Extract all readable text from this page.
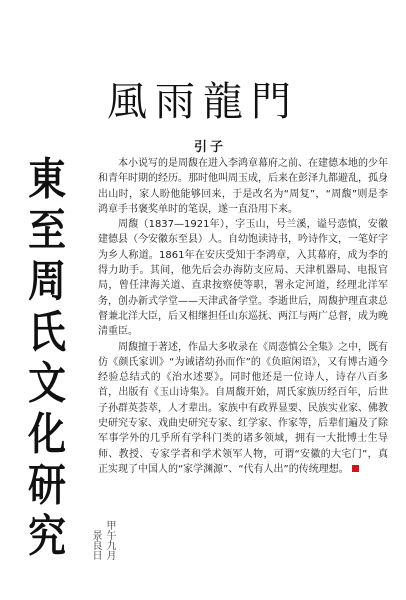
風雨龍門
引子
東
至
周
氏
文
化
研
究	甲午九月
景良日

本小说写的是周馥在进入李鸿章幕府之前、在建德本地的少年和青年时期的经历。那时他叫周玉成，后来在彭泽九都避乱，孤身出山时，家人盼他能够回来，于是改名为“周复”，“周馥”则是李鸿章手书褒奖单时的笔误，遂一直沿用下来。

周馥（1837—1921年），字玉山，号兰溪，谥号悫慎，安徽建德县（今安徽东至县）人。自幼饱读诗书，吟诗作文，一笔好字为乡人称道。1861年在安庆受知于李鸿章，入其幕府，成为李的得力助手。其间，他先后会办海防支应局、天津机器局、电报官局，曾任津海关道、直隶按察使等职，署永定河道，经理北洋军务，创办新式学堂——天津武备学堂。李逝世后，周馥护理直隶总督兼北洋大臣，后又相继担任山东巡抚、两江与两广总督，成为晚清重臣。

周馥擅于著述，作品大多收录在《周悫慎公全集》之中，既有仿《颜氏家训》“为诫诸幼孙而作”的《负暄闲语》，又有博古通今经验总结式的《治水述要》。同时他还是一位诗人，诗存八百多首，出版有《玉山诗集》。自周馥开始，周氏家族历经百年，后世子孙群英荟萃，人才辈出。家族中有政界显要、民族实业家、佛教史研究专家、戏曲史研究专家、红学家、作家等，后辈们遍及了除军事学外的几乎所有学科门类的诸多领域，拥有一大批博士生导师、教授、专家学者和学术领军人物，可谓“安徽的大宅门”，真正实现了中国人的“家学渊源”、“代有人出”的传统理想。
